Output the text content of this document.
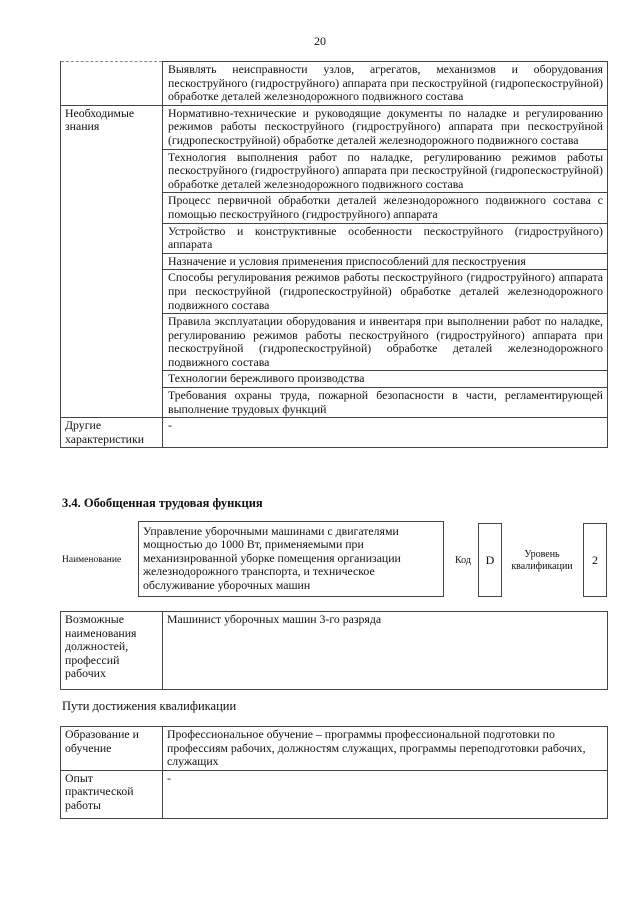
20
	Выявлять неисправности узлов, агрегатов, механизмов и оборудования пескоструйного (гидроструйного) аппарата при пескоструйной (гидропескоструйной) обработке деталей железнодорожного подвижного состава
Необходимые знания	Нормативно-технические и руководящие документы по наладке и регулированию режимов работы пескоструйного (гидроструйного) аппарата при пескоструйной (гидропескоструйной) обработке деталей железнодорожного подвижного состава
	Технология выполнения работ по наладке, регулированию режимов работы пескоструйного (гидроструйного) аппарата при пескоструйной (гидропескоструйной) обработке деталей железнодорожного подвижного состава
	Процесс первичной обработки деталей железнодорожного подвижного состава с помощью пескоструйного (гидроструйного) аппарата
	Устройство и конструктивные особенности пескоструйного (гидроструйного) аппарата
	Назначение и условия применения приспособлений для пескоструения
	Способы регулирования режимов работы пескоструйного (гидроструйного) аппарата при пескоструйной (гидропескоструйной) обработке деталей железнодорожного подвижного состава
	Правила эксплуатации оборудования и инвентаря при выполнении работ по наладке, регулированию режимов работы пескоструйного (гидроструйного) аппарата при пескоструйной (гидропескоструйной) обработке деталей железнодорожного подвижного состава
	Технологии бережливого производства
	Требования охраны труда, пожарной безопасности в части, регламентирующей выполнение трудовых функций
Другие характеристики	-
3.4. Обобщенная трудовая функция
Наименование
Управление уборочными машинами с двигателями мощностью до 1000 Вт, применяемыми при механизированной уборке помещения организации железнодорожного транспорта, и техническое обслуживание уборочных машин
Код	D	Уровень квалификации	2
Возможные наименования должностей, профессий рабочих	Машинист уборочных машин 3-го разряда
Пути достижения квалификации
Образование и обучение	Профессиональное обучение – программы профессиональной подготовки по профессиям рабочих, должностям служащих, программы переподготовки рабочих, служащих
Опыт практической работы	-
